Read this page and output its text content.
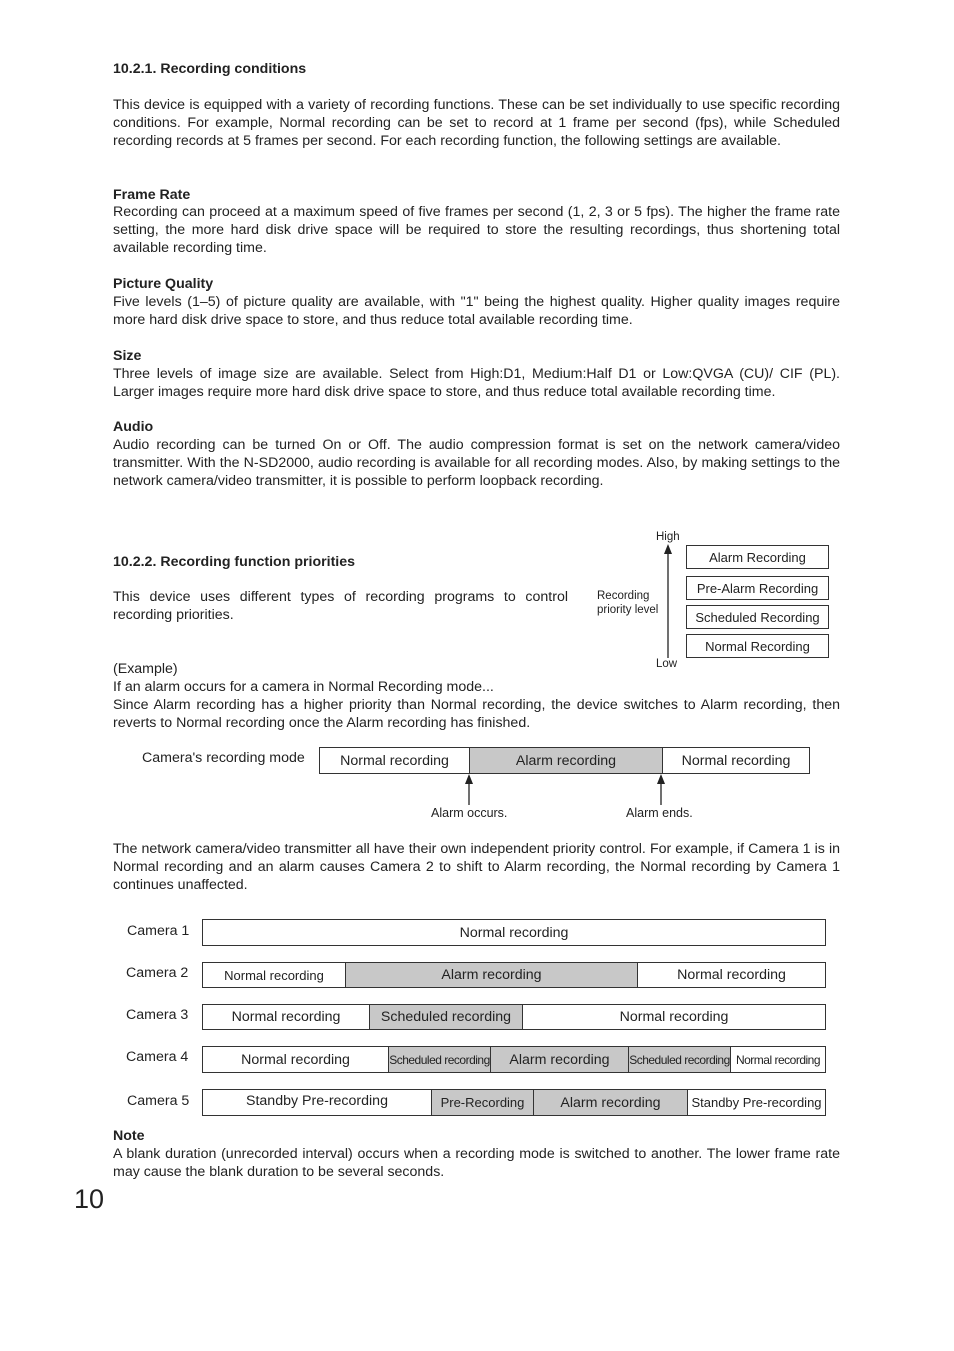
10.2.1. Recording conditions

This device is equipped with a variety of recording functions. These can be set individually to use specific recording conditions. For example, Normal recording can be set to record at 1 frame per second (fps), while Scheduled recording records at 5 frames per second. For each recording function, the following settings are available.

Frame Rate

Recording can proceed at a maximum speed of five frames per second (1, 2, 3 or 5 fps). The higher the frame rate setting, the more hard disk drive space will be required to store the resulting recordings, thus shortening total available recording time.

Picture Quality

Five levels (1–5) of picture quality are available, with "1" being the highest quality. Higher quality images require more hard disk drive space to store, and thus reduce total available recording time.

Size

Three levels of image size are available. Select from High:D1, Medium:Half D1 or Low:QVGA (CU)/ CIF (PL). Larger images require more hard disk drive space to store, and thus reduce total available recording time.

Audio

Audio recording can be turned On or Off. The audio compression format is set on the network camera/video transmitter. With the N-SD2000, audio recording is available for all recording modes. Also, by making settings to the network camera/video transmitter, it is possible to perform loopback recording.

10.2.2. Recording function priorities

This device uses different types of recording programs to control recording priorities.

High
Low
Recording
priority level
Alarm Recording
Pre-Alarm Recording
Scheduled Recording
Normal Recording

(Example)

If an alarm occurs for a camera in Normal Recording mode...

Since Alarm recording has a higher priority than Normal recording, the device switches to Alarm recording, then reverts to Normal recording once the Alarm recording has finished.

Camera's recording mode	Normal recording	Alarm recording	Normal recording
Alarm occurs.	Alarm ends.

The network camera/video transmitter all have their own independent priority control. For example, if Camera 1 is in Normal recording and an alarm causes Camera 2 to shift to Alarm recording, the Normal recording by Camera 1 continues unaffected.

Camera 1	Normal recording
Camera 2	Normal recording	Alarm recording	Normal recording
Camera 3	Normal recording	Scheduled recording	Normal recording
Camera 4	Normal recording	Scheduled recording	Alarm recording	Scheduled recording Normal recording
Camera 5	Standby Pre-recording	Pre-Recording	Alarm recording	Standby Pre-recording

Note

A blank duration (unrecorded interval) occurs when a recording mode is switched to another. The lower frame rate may cause the blank duration to be several seconds.

10
